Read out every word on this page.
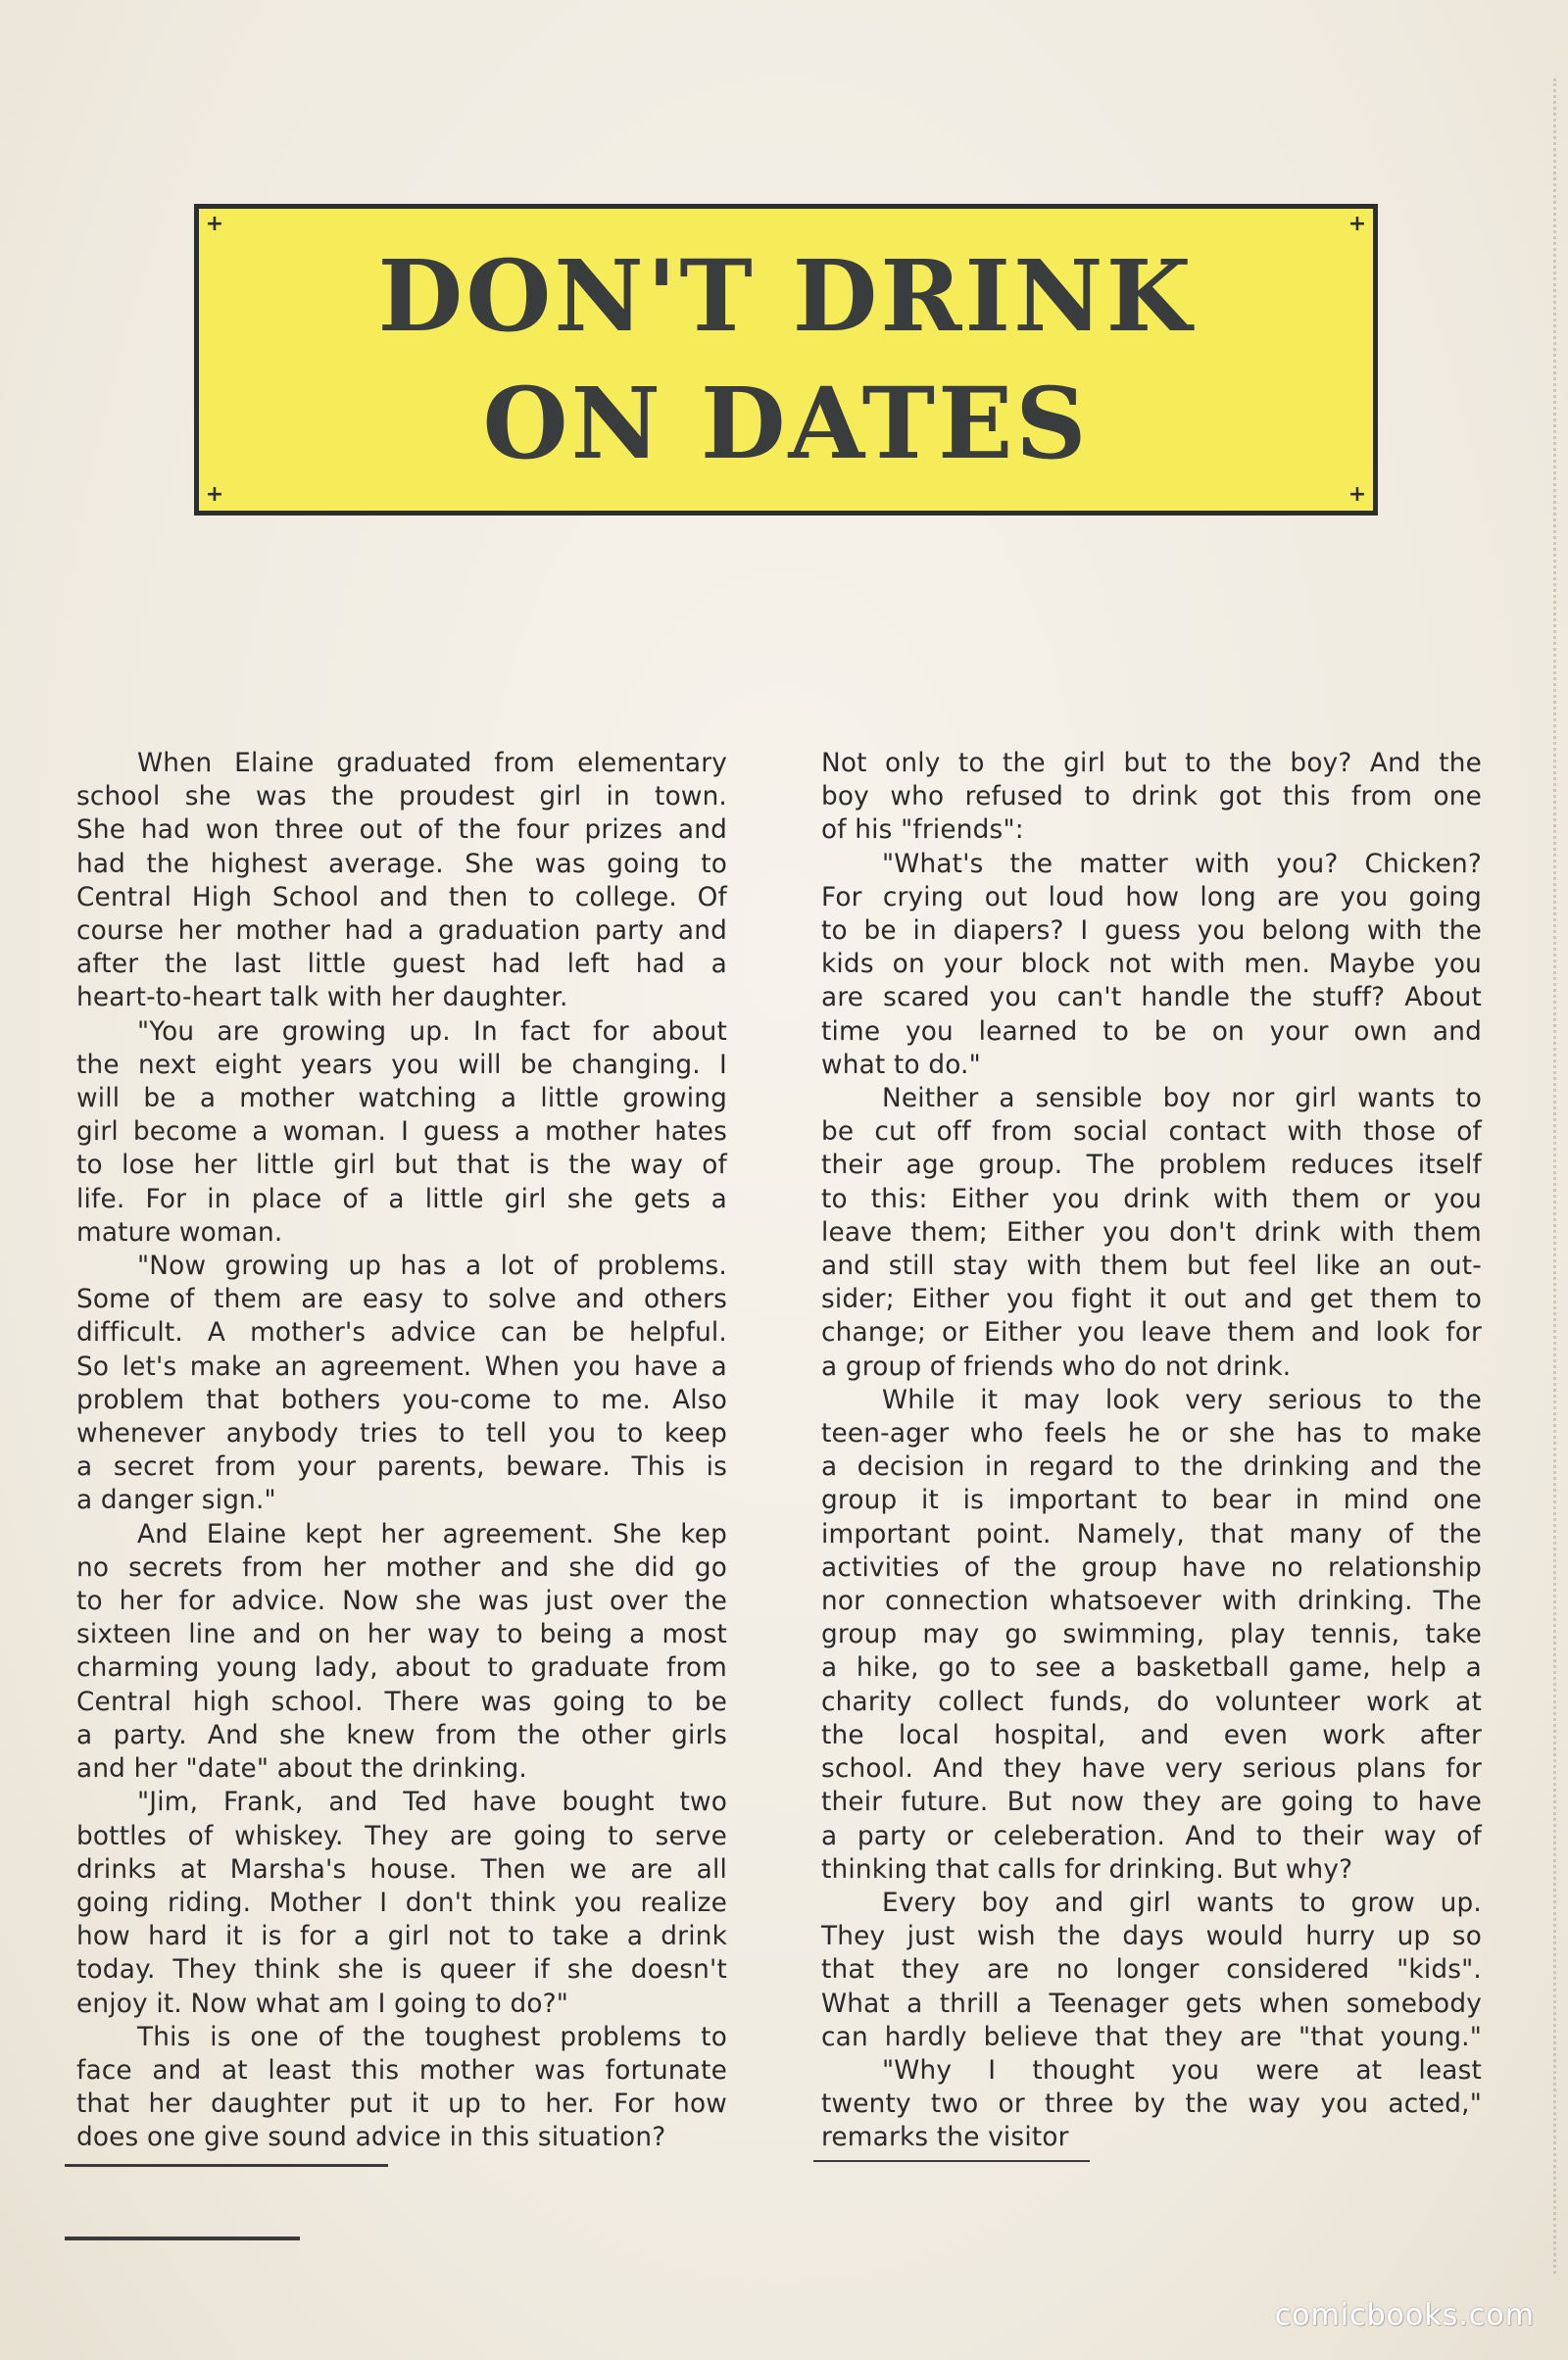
+	+
+	+
DON'T DRINK
ON DATES
When Elaine graduated from elementary
school she was the proudest girl in town.
She had won three out of the four prizes and
had the highest average. She was going to
Central High School and then to college. Of
course her mother had a graduation party and
after the last little guest had left had a
heart-to-heart talk with her daughter.
"You are growing up. In fact for about
the next eight years you will be changing. I
will be a mother watching a little growing
girl become a woman. I guess a mother hates
to lose her little girl but that is the way of
life. For in place of a little girl she gets a
mature woman.
"Now growing up has a lot of problems.
Some of them are easy to solve and others
difficult. A mother's advice can be helpful.
So let's make an agreement. When you have a
problem that bothers you-come to me. Also
whenever anybody tries to tell you to keep
a secret from your parents, beware. This is
a danger sign."
And Elaine kept her agreement. She kep
no secrets from her mother and she did go
to her for advice. Now she was just over the
sixteen line and on her way to being a most
charming young lady, about to graduate from
Central high school. There was going to be
a party. And she knew from the other girls
and her "date" about the drinking.
"Jim, Frank, and Ted have bought two
bottles of whiskey. They are going to serve
drinks at Marsha's house. Then we are all
going riding. Mother I don't think you realize
how hard it is for a girl not to take a drink
today. They think she is queer if she doesn't
enjoy it. Now what am I going to do?"
This is one of the toughest problems to
face and at least this mother was fortunate
that her daughter put it up to her. For how
does one give sound advice in this situation?
Not only to the girl but to the boy? And the
boy who refused to drink got this from one
of his "friends":
"What's the matter with you? Chicken?
For crying out loud how long are you going
to be in diapers? I guess you belong with the
kids on your block not with men. Maybe you
are scared you can't handle the stuff? About
time you learned to be on your own and
what to do."
Neither a sensible boy nor girl wants to
be cut off from social contact with those of
their age group. The problem reduces itself
to this: Either you drink with them or you
leave them; Either you don't drink with them
and still stay with them but feel like an out-
sider; Either you fight it out and get them to
change; or Either you leave them and look for
a group of friends who do not drink.
While it may look very serious to the
teen-ager who feels he or she has to make
a decision in regard to the drinking and the
group it is important to bear in mind one
important point. Namely, that many of the
activities of the group have no relationship
nor connection whatsoever with drinking. The
group may go swimming, play tennis, take
a hike, go to see a basketball game, help a
charity collect funds, do volunteer work at
the local hospital, and even work after
school. And they have very serious plans for
their future. But now they are going to have
a party or celeberation. And to their way of
thinking that calls for drinking. But why?
Every boy and girl wants to grow up.
They just wish the days would hurry up so
that they are no longer considered "kids".
What a thrill a Teenager gets when somebody
can hardly believe that they are "that young."
"Why I thought you were at least
twenty two or three by the way you acted,"
remarks the visitor
comicbooks.com
